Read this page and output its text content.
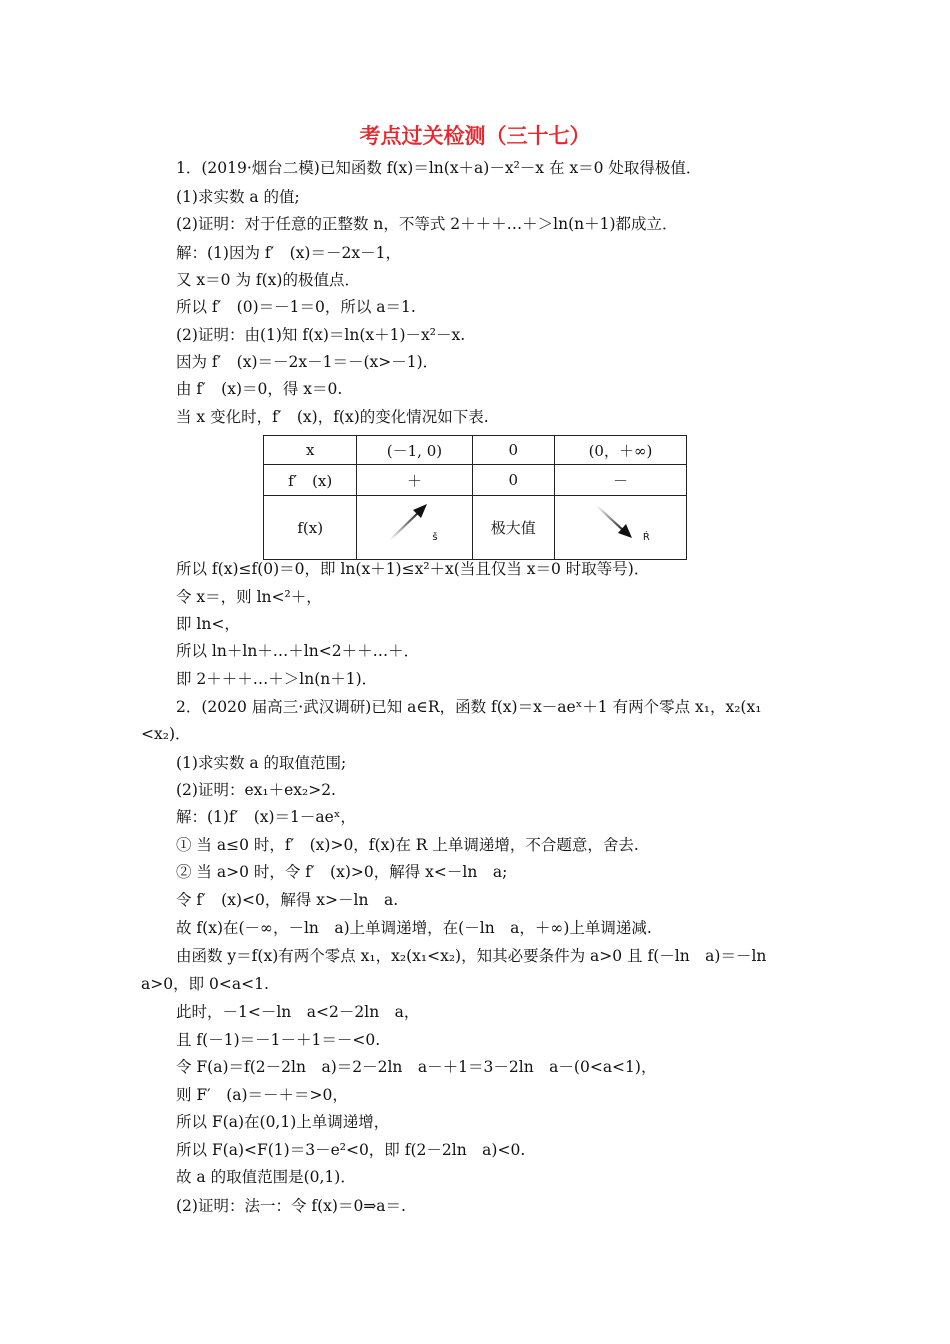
考点过关检测（三十七）
1．(2019·烟台二模)已知函数 f(x)＝ln(x＋a)－x²－x 在 x＝0 处取得极值．
(1)求实数 a 的值;
(2)证明：对于任意的正整数 n，不等式 2＋＋＋…＋＞ln(n＋1)都成立．
解：(1)因为 f′　(x)＝－2x－1，
又 x＝0 为 f(x)的极值点．
所以 f′　(0)＝－1＝0，所以 a＝1.
(2)证明：由(1)知 f(x)＝ln(x＋1)－x²－x.
因为 f′　(x)＝－2x－1＝－(x>－1)．
由 f′　(x)＝0，得 x＝0.
当 x 变化时，f′　(x)，f(x)的变化情况如下表.
所以 f(x)≤f(0)＝0，即 ln(x＋1)≤x²＋x(当且仅当 x＝0 时取等号)．
令 x＝，则 ln<²＋，
即 ln<，
所以 ln＋ln＋…＋ln<2＋＋…＋．
即 2＋＋＋…＋＞ln(n＋1)．
2．(2020 届高三·武汉调研)已知 a∈R，函数 f(x)＝x－aeˣ＋1 有两个零点 x₁，x₂(x₁
<x₂)．
(1)求实数 a 的取值范围;
(2)证明：ex₁＋ex₂>2.
解：(1)f′　(x)＝1－aeˣ，
① 当 a≤0 时，f′　(x)>0，f(x)在 R 上单调递增，不合题意，舍去.
② 当 a>0 时，令 f′　(x)>0，解得 x<－ln　a;
令 f′　(x)<0，解得 x>－ln　a.
故 f(x)在(－∞，－ln　a)上单调递增，在(－ln　a，＋∞)上单调递减.
由函数 y＝f(x)有两个零点 x₁，x₂(x₁<x₂)，知其必要条件为 a>0 且 f(－ln　a)＝－ln
a>0，即 0<a<1.
此时，－1<－ln　a<2－2ln　a，
且 f(－1)＝－1－＋1＝－<0.
令 F(a)＝f(2－2ln　a)＝2－2ln　a－＋1＝3－2ln　a－(0<a<1)，
则 F′　(a)＝－＋＝>0，
所以 F(a)在(0,1)上单调递增，
所以 F(a)<F(1)＝3－e²<0，即 f(2－2ln　a)<0.
故 a 的取值范围是(0,1)．
(2)证明：法一：令 f(x)＝0⇒a＝.
x	(－1, 0)	0	(0，＋∞)
f′　(x)	＋	0	－
f(x)	š	极大值	Ŕ
